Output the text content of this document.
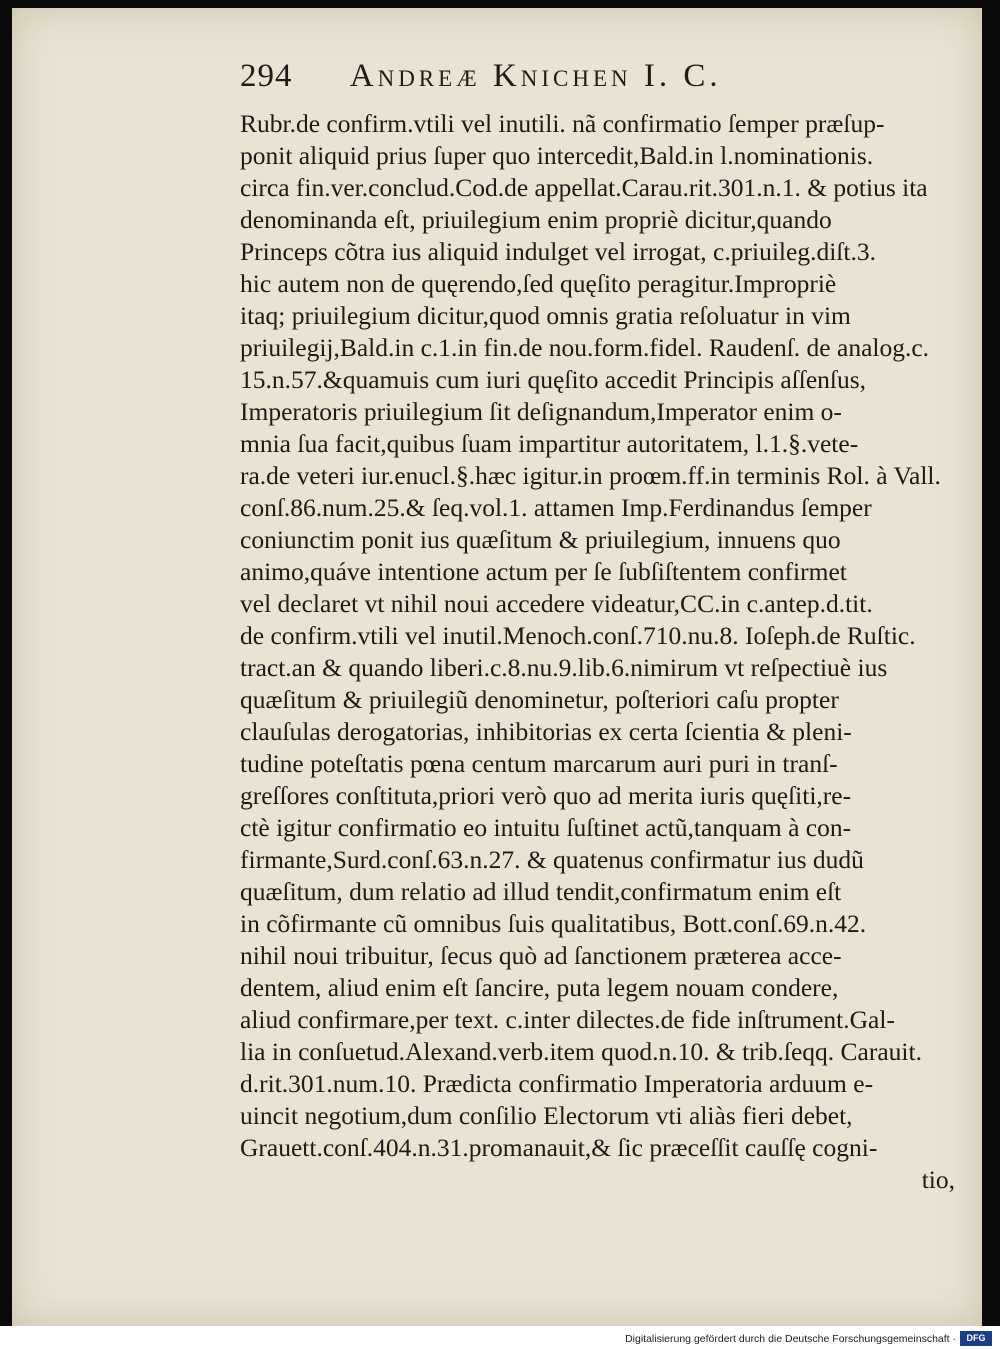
294 Andreæ Knichen I. C.
Rubr.de confirm.vtili vel inutili. nã confirmatio ſemper præſup-
ponit aliquid prius ſuper quo intercedit,Bald.in l.nominationis.
circa fin.ver.conclud.Cod.de appellat.Carau.rit.301.n.1. & potius ita
denominanda eſt, priuilegium enim propriè dicitur,quando
Princeps cõtra ius aliquid indulget vel irrogat, c.priuileg.diſt.3.
hic autem non de quęrendo,ſed quęſito peragitur.Impropriè
itaq; priuilegium dicitur,quod omnis gratia reſoluatur in vim
priuilegij,Bald.in c.1.in fin.de nou.form.fidel. Raudenſ. de analog.c.
15.n.57.&quamuis cum iuri quęſito accedit Principis aſſenſus,
Imperatoris priuilegium ſit deſignandum,Imperator enim o-
mnia ſua facit,quibus ſuam impartitur autoritatem, l.1.§.vete-
ra.de veteri iur.enucl.§.hæc igitur.in proœm.ff.in terminis Rol. à Vall.
conſ.86.num.25.& ſeq.vol.1. attamen Imp.Ferdinandus ſemper
coniunctim ponit ius quæſitum & priuilegium, innuens quo
animo,quáve intentione actum per ſe ſubſiſtentem confirmet
vel declaret vt nihil noui accedere videatur,CC.in c.antep.d.tit.
de confirm.vtili vel inutil.Menoch.conſ.710.nu.8. Ioſeph.de Ruſtic.
tract.an & quando liberi.c.8.nu.9.lib.6.nimirum vt reſpectiuè ius
quæſitum & priuilegiũ denominetur, poſteriori caſu propter
clauſulas derogatorias, inhibitorias ex certa ſcientia & pleni-
tudine poteſtatis pœna centum marcarum auri puri in tranſ-
greſſores conſtituta,priori verò quo ad merita iuris quęſiti,re-
ctè igitur confirmatio eo intuitu ſuſtinet actũ,tanquam à con-
firmante,Surd.conſ.63.n.27. & quatenus confirmatur ius dudũ
quæſitum, dum relatio ad illud tendit,confirmatum enim eſt
in cõfirmante cũ omnibus ſuis qualitatibus, Bott.conſ.69.n.42.
nihil noui tribuitur, ſecus quò ad ſanctionem præterea acce-
dentem, aliud enim eſt ſancire, puta legem nouam condere,
aliud confirmare,per text. c.inter dilectes.de fide inſtrument.Gal-
lia in conſuetud.Alexand.verb.item quod.n.10. & trib.ſeqq. Carauit.
d.rit.301.num.10. Prædicta confirmatio Imperatoria arduum e-
uincit negotium,dum conſilio Electorum vti aliàs fieri debet,
Grauett.conſ.404.n.31.promanauit,& ſic præceſſit cauſſę cogni-
tio,
Digitalisierung gefördert durch die Deutsche Forschungsgemeinschaft ·	DFG
